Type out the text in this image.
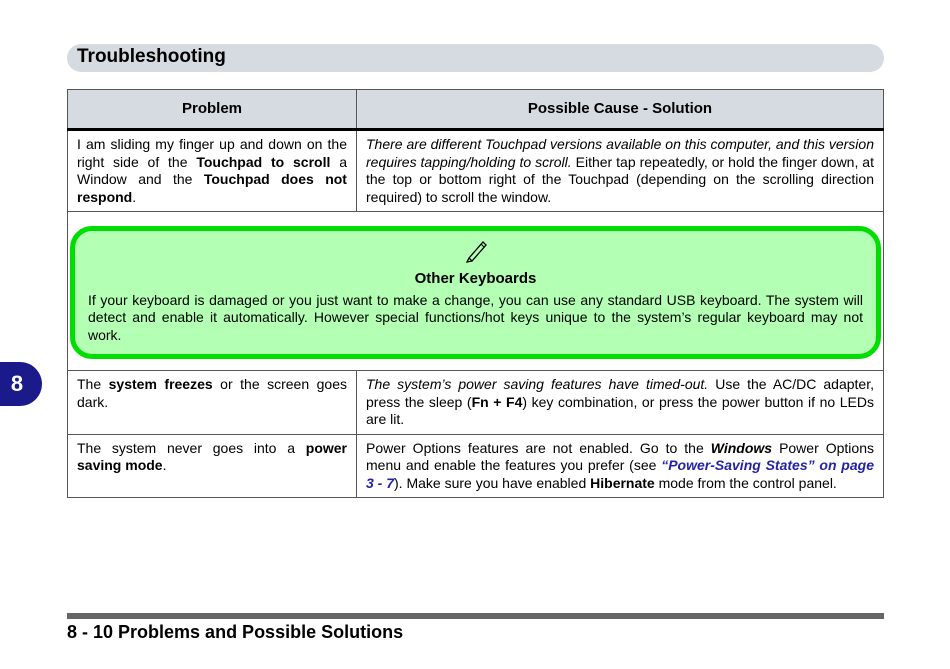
Troubleshooting
8
Problem	Possible Cause - Solution
I am sliding my finger up and down on the right side of the Touchpad to scroll a Window and the Touchpad does not respond.	There are different Touchpad versions available on this computer, and this version requires tapping/holding to scroll. Either tap repeatedly, or hold the finger down, at the top or bottom right of the Touchpad (depending on the scrolling direction required) to scroll the window.

Other Keyboards
If your keyboard is damaged or you just want to make a change, you can use any standard USB keyboard. The system will detect and enable it automatically. However special functions/hot keys unique to the system’s regular keyboard may not work.	

The system freezes or the screen goes dark.	The system’s power saving features have timed-out. Use the AC/DC adapter, press the sleep (Fn + F4) key combination, or press the power button if no LEDs are lit.
The system never goes into a power saving mode.	Power Options features are not enabled. Go to the Windows Power Options menu and enable the features you prefer (see “Power-Saving States” on page 3 - 7). Make sure you have enabled Hibernate mode from the control panel.
8 - 10 Problems and Possible Solutions
